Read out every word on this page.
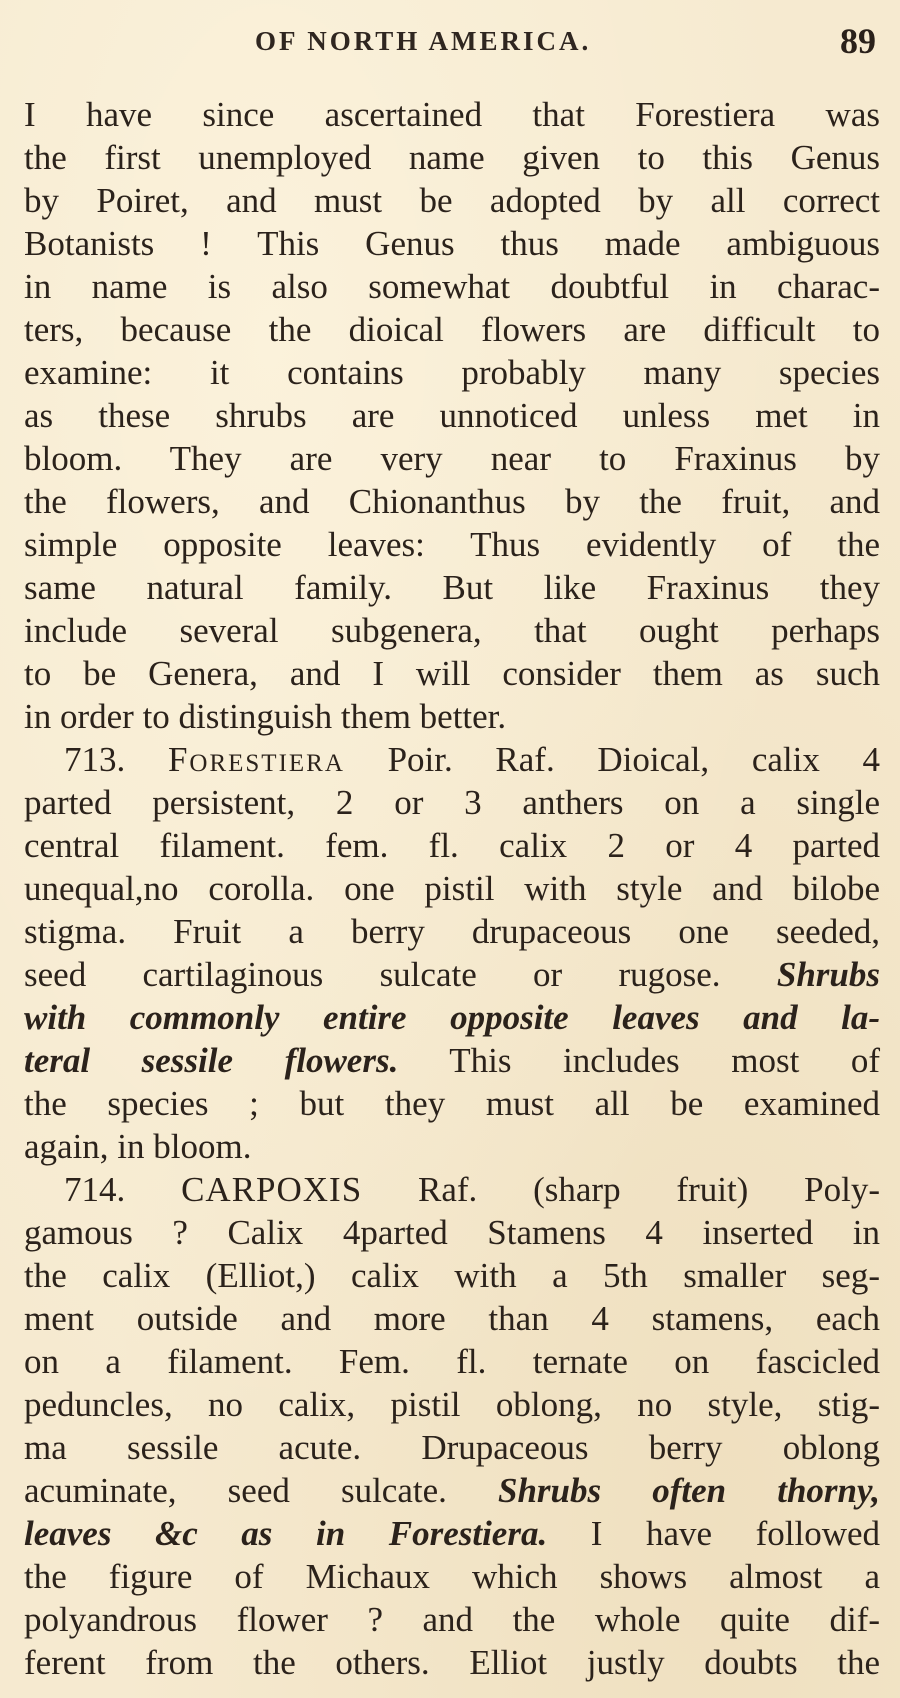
OF NORTH AMERICA.	89
I have since ascertained that Forestiera was
the first unemployed name given to this Genus
by Poiret, and must be adopted by all correct
Botanists ! This Genus thus made ambiguous
in name is also somewhat doubtful in charac-
ters, because the dioical flowers are difficult to
examine: it contains probably many species
as these shrubs are unnoticed unless met in
bloom. They are very near to Fraxinus by
the flowers, and Chionanthus by the fruit, and
simple opposite leaves: Thus evidently of the
same natural family. But like Fraxinus they
include several subgenera, that ought perhaps
to be Genera, and I will consider them as such
in order to distinguish them better.
713. Forestiera Poir. Raf. Dioical, calix 4
parted persistent, 2 or 3 anthers on a single
central filament. fem. fl. calix 2 or 4 parted
unequal,no corolla. one pistil with style and bilobe
stigma. Fruit a berry drupaceous one seeded,
seed cartilaginous sulcate or rugose. Shrubs
with commonly entire opposite leaves and la-
teral sessile flowers. This includes most of
the species ; but they must all be examined
again, in bloom.
714. CARPOXIS Raf. (sharp fruit) Poly-
gamous ? Calix 4parted Stamens 4 inserted in
the calix (Elliot,) calix with a 5th smaller seg-
ment outside and more than 4 stamens, each
on a filament. Fem. fl. ternate on fascicled
peduncles, no calix, pistil oblong, no style, stig-
ma sessile acute. Drupaceous berry oblong
acuminate, seed sulcate. Shrubs often thorny,
leaves &c as in Forestiera. I have followed
the figure of Michaux which shows almost a
polyandrous flower ? and the whole quite dif-
ferent from the others. Elliot justly doubts the
